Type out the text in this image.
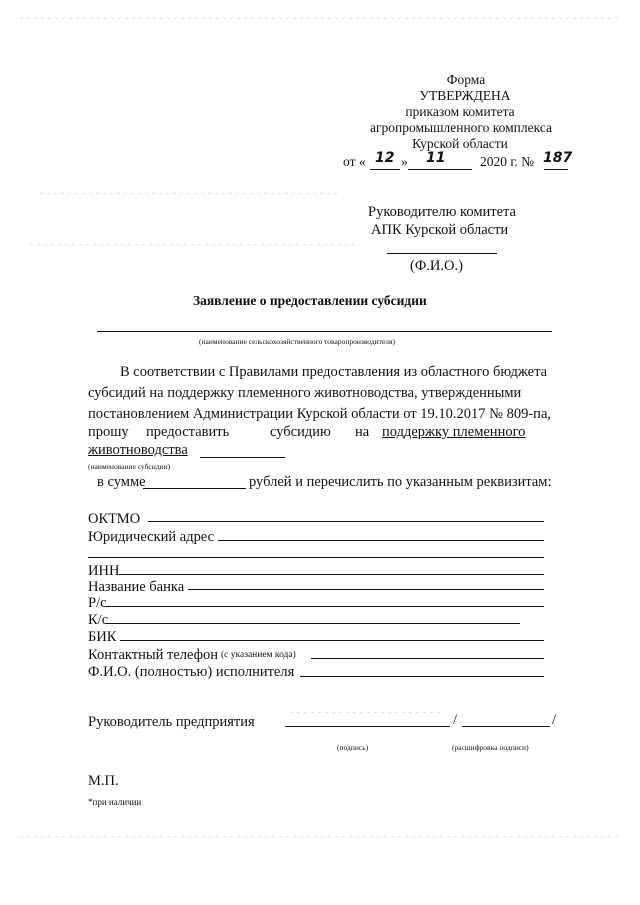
Форма
УТВЕРЖДЕНА
приказом комитета
агропромышленного комплекса
Курской области
от « 12 » 11	2020 г. № 187
Руководителю комитета
АПК Курской области
(Ф.И.О.)
Заявление о предоставлении субсидии
(наименование сельскохозяйственного товаропроизводителя)
В соответствии с Правилами предоставления из областного бюджета
субсидий на поддержку племенного животноводства, утвержденными
постановлением Администрации Курской области от 19.10.2017 № 809-па,
прошу предоставить	субсидию на поддержку племенного
животноводства
(наименование субсидии)
в сумме	рублей и перечислить по указанным реквизитам:
ОКТМО
Юридический адрес
ИНН
Название банка
Р/с
К/с
БИК
Контактный телефон (с указанием кода)
Ф.И.О. (полностью) исполнителя
Руководитель предприятия	/	/
(подпись)	(расшифровка подписи)
М.П.
*при наличии
